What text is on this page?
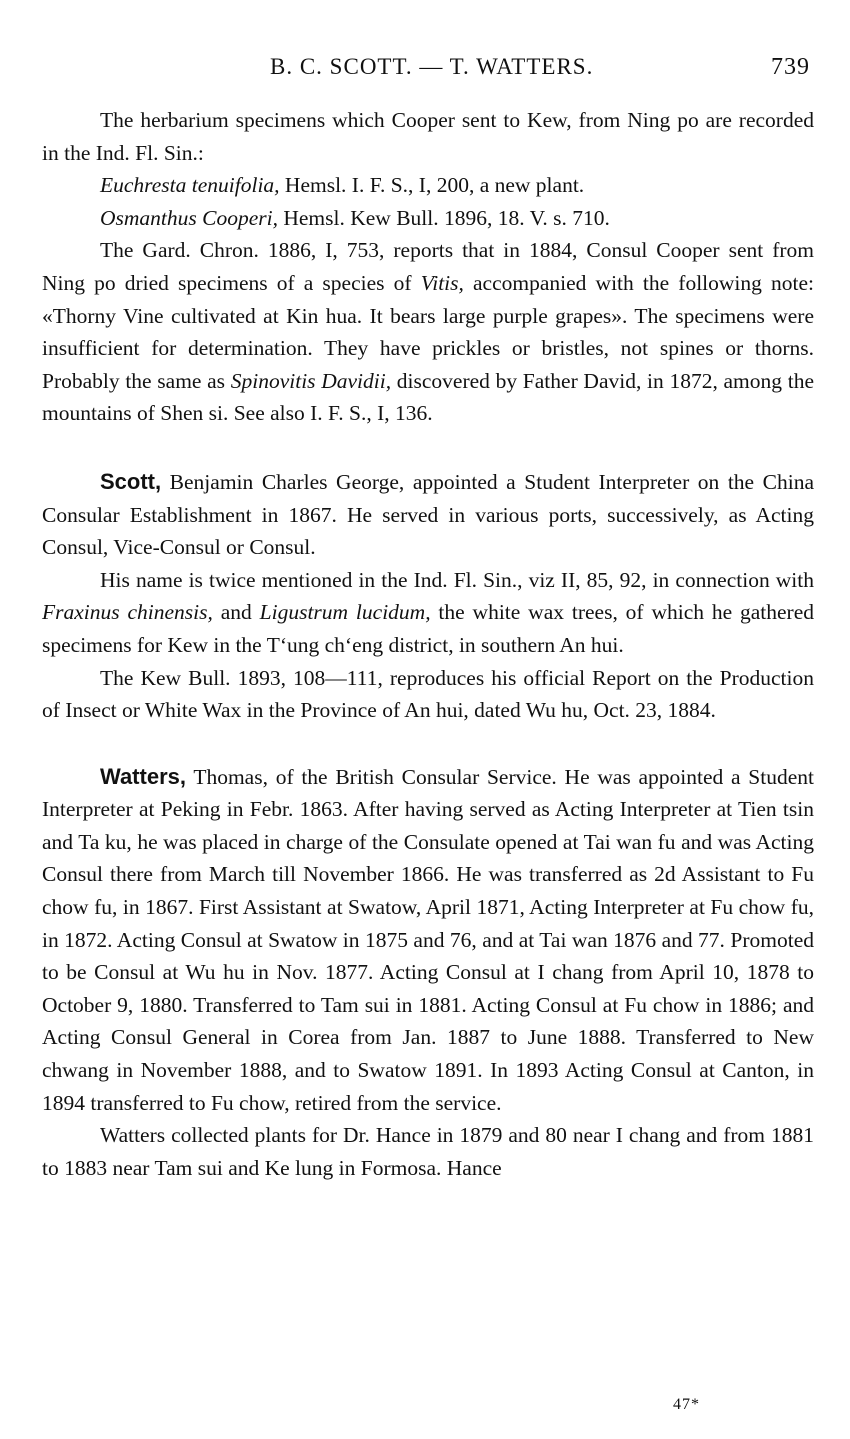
B. C. SCOTT. — T. WATTERS.	739

The herbarium specimens which Cooper sent to Kew, from Ning po are recorded in the Ind. Fl. Sin.:

Euchresta tenuifolia, Hemsl. I. F. S., I, 200, a new plant.

Osmanthus Cooperi, Hemsl. Kew Bull. 1896, 18. V. s. 710.

The Gard. Chron. 1886, I, 753, reports that in 1884, Consul Cooper sent from Ning po dried specimens of a species of Vitis, accompanied with the following note: «Thorny Vine cultivated at Kin hua. It bears large purple grapes». The specimens were insufficient for determination. They have prickles or bristles, not spines or thorns. Probably the same as Spinovitis Davidii, discovered by Father David, in 1872, among the mountains of Shen si. See also I. F. S., I, 136.

Scott, Benjamin Charles George, appointed a Student Interpreter on the China Consular Establishment in 1867. He served in various ports, successively, as Acting Consul, Vice-Consul or Consul.

His name is twice mentioned in the Ind. Fl. Sin., viz II, 85, 92, in connection with Fraxinus chinensis, and Ligustrum lucidum, the white wax trees, of which he gathered specimens for Kew in the T‘ung ch‘eng district, in southern An hui.

The Kew Bull. 1893, 108—111, reproduces his official Report on the Production of Insect or White Wax in the Province of An hui, dated Wu hu, Oct. 23, 1884.

Watters, Thomas, of the British Consular Service. He was appointed a Student Interpreter at Peking in Febr. 1863. After having served as Acting Interpreter at Tien tsin and Ta ku, he was placed in charge of the Consulate opened at Tai wan fu and was Acting Consul there from March till November 1866. He was transferred as 2d Assistant to Fu chow fu, in 1867. First Assistant at Swatow, April 1871, Acting Interpreter at Fu chow fu, in 1872. Acting Consul at Swatow in 1875 and 76, and at Tai wan 1876 and 77. Promoted to be Consul at Wu hu in Nov. 1877. Acting Consul at I chang from April 10, 1878 to October 9, 1880. Transferred to Tam sui in 1881. Acting Consul at Fu chow in 1886; and Acting Consul General in Corea from Jan. 1887 to June 1888. Transferred to New chwang in November 1888, and to Swatow 1891. In 1893 Acting Consul at Canton, in 1894 transferred to Fu chow, retired from the service.

Watters collected plants for Dr. Hance in 1879 and 80 near I chang and from 1881 to 1883 near Tam sui and Ke lung in Formosa. Hance

47*
